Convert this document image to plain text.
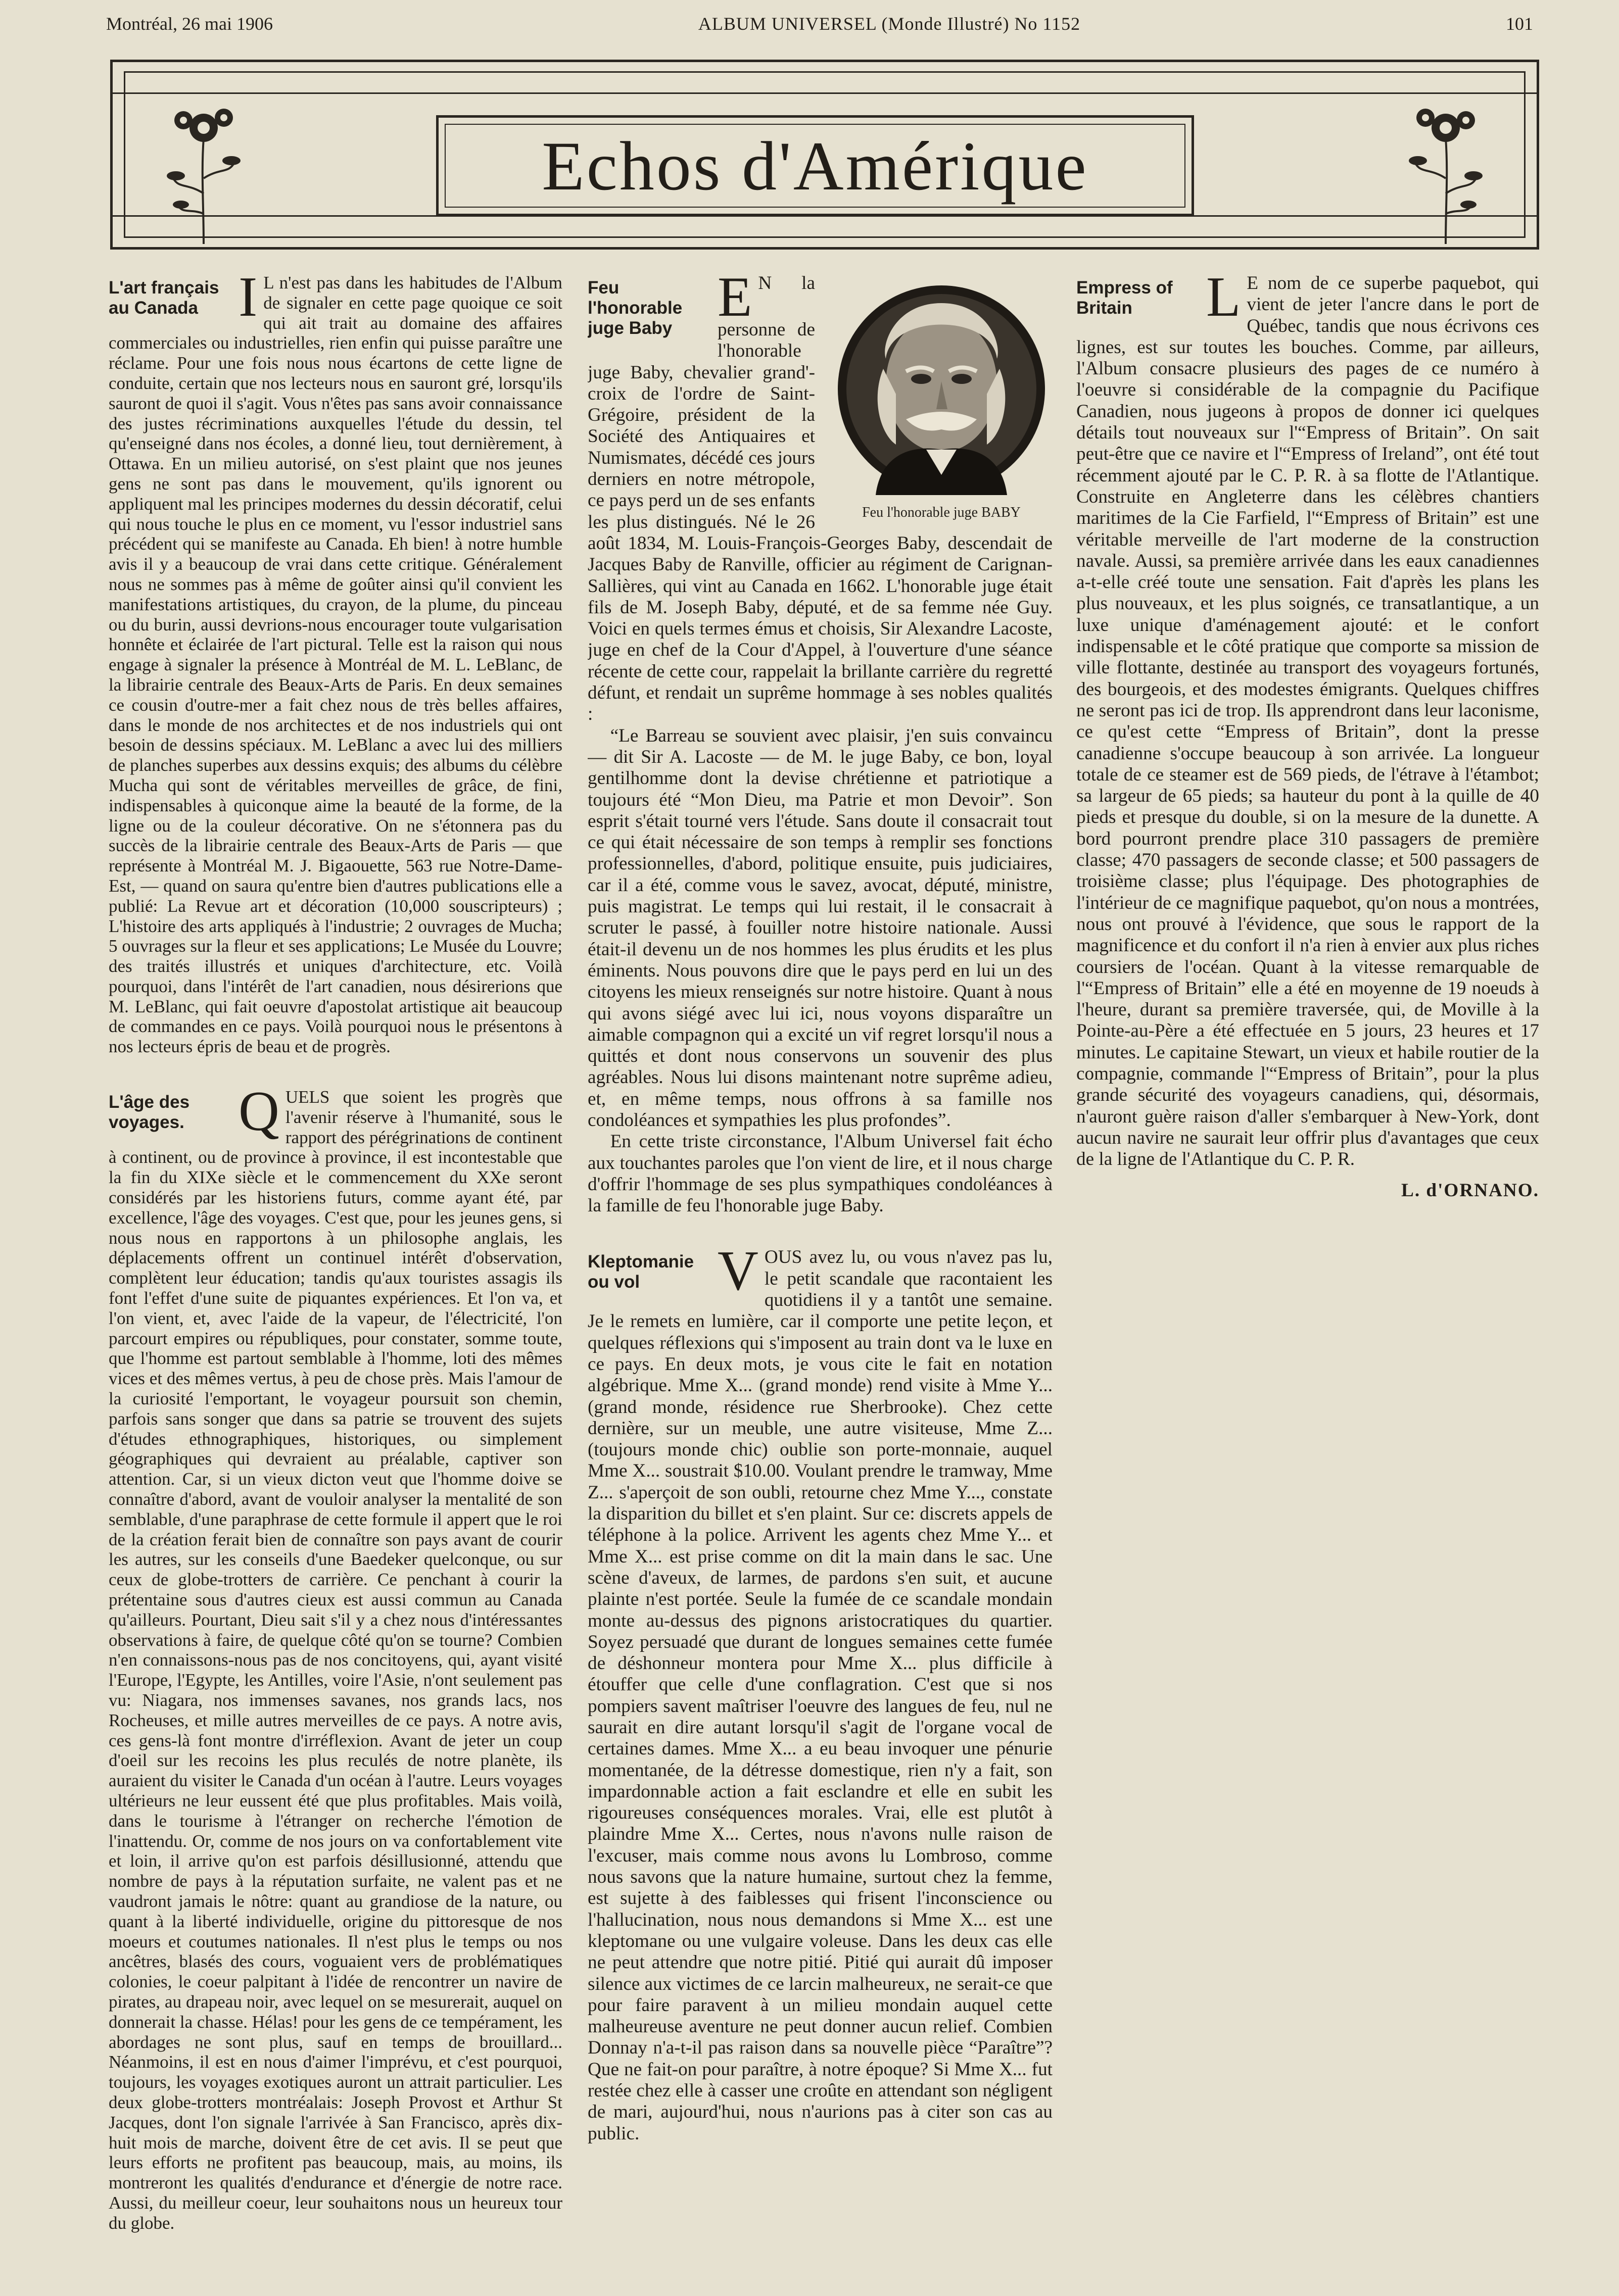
Montréal, 26 mai 1906	ALBUM UNIVERSEL (Monde Illustré) No 1152	101
Echos d'Amérique
L'art français au Canada I L n'est pas dans les habitudes de l'Album de signaler en cette page quoique ce soit qui ait trait au domaine des affaires commerciales ou industrielles, rien enfin qui puisse paraître une réclame. Pour une fois nous nous écartons de cette ligne de conduite, certain que nos lecteurs nous en sauront gré, lorsqu'ils sauront de quoi il s'agit. Vous n'êtes pas sans avoir connaissance des justes récriminations auxquelles l'étude du dessin, tel qu'enseigné dans nos écoles, a donné lieu, tout dernièrement, à Ottawa. En un milieu autorisé, on s'est plaint que nos jeunes gens ne sont pas dans le mouvement, qu'ils ignorent ou appliquent mal les principes modernes du dessin décoratif, celui qui nous touche le plus en ce moment, vu l'essor industriel sans précédent qui se manifeste au Canada. Eh bien! à notre humble avis il y a beaucoup de vrai dans cette critique. Généralement nous ne sommes pas à même de goûter ainsi qu'il convient les manifestations artistiques, du crayon, de la plume, du pinceau ou du burin, aussi devrions-nous encourager toute vulgarisation honnête et éclairée de l'art pictural. Telle est la raison qui nous engage à signaler la présence à Montréal de M. L. LeBlanc, de la librairie centrale des Beaux-Arts de Paris. En deux semaines ce cousin d'outre-mer a fait chez nous de très belles affaires, dans le monde de nos architectes et de nos industriels qui ont besoin de dessins spéciaux. M. LeBlanc a avec lui des milliers de planches superbes aux dessins exquis; des albums du célèbre Mucha qui sont de véritables merveilles de grâce, de fini, indispensables à quiconque aime la beauté de la forme, de la ligne ou de la couleur décorative. On ne s'étonnera pas du succès de la librairie centrale des Beaux-Arts de Paris — que représente à Montréal M. J. Bigaouette, 563 rue Notre-Dame-Est, — quand on saura qu'entre bien d'autres publications elle a publié: La Revue art et décoration (10,000 souscripteurs) ; L'histoire des arts appliqués à l'industrie; 2 ouvrages de Mucha; 5 ouvrages sur la fleur et ses applications; Le Musée du Louvre; des traités illustrés et uniques d'architecture, etc. Voilà pourquoi, dans l'intérêt de l'art canadien, nous désirerions que M. LeBlanc, qui fait oeuvre d'apostolat artistique ait beaucoup de commandes en ce pays. Voilà pourquoi nous le présentons à nos lecteurs épris de beau et de progrès.

L'âge des voyages. Q UELS que soient les progrès que l'avenir réserve à l'humanité, sous le rapport des pérégrinations de continent à continent, ou de province à province, il est incontestable que la fin du XIXe siècle et le commencement du XXe seront considérés par les historiens futurs, comme ayant été, par excellence, l'âge des voyages. C'est que, pour les jeunes gens, si nous nous en rapportons à un philosophe anglais, les déplacements offrent un continuel intérêt d'observation, complètent leur éducation; tandis qu'aux touristes assagis ils font l'effet d'une suite de piquantes expériences. Et l'on va, et l'on vient, et, avec l'aide de la vapeur, de l'électricité, l'on parcourt empires ou républiques, pour constater, somme toute, que l'homme est partout semblable à l'homme, loti des mêmes vices et des mêmes vertus, à peu de chose près. Mais l'amour de la curiosité l'emportant, le voyageur poursuit son chemin, parfois sans songer que dans sa patrie se trouvent des sujets d'études ethnographiques, historiques, ou simplement géographiques qui devraient au préalable, captiver son attention. Car, si un vieux dicton veut que l'homme doive se connaître d'abord, avant de vouloir analyser la mentalité de son semblable, d'une paraphrase de cette formule il appert que le roi de la création ferait bien de connaître son pays avant de courir les autres, sur les conseils d'une Baedeker quelconque, ou sur ceux de globe-trotters de carrière. Ce penchant à courir la prétentaine sous d'autres cieux est aussi commun au Canada qu'ailleurs. Pourtant, Dieu sait s'il y a chez nous d'intéressantes observations à faire, de quelque côté qu'on se tourne? Combien n'en connaissons-nous pas de nos concitoyens, qui, ayant visité l'Europe, l'Egypte, les Antilles, voire l'Asie, n'ont seulement pas vu: Niagara, nos immenses savanes, nos grands lacs, nos Rocheuses, et mille autres merveilles de ce pays. A notre avis, ces gens-là font montre d'irréflexion. Avant de jeter un coup d'oeil sur les recoins les plus reculés de notre planète, ils auraient du visiter le Canada d'un océan à l'autre. Leurs voyages ultérieurs ne leur eussent été que plus profitables. Mais voilà, dans le tourisme à l'étranger on recherche l'émotion de l'inattendu. Or, comme de nos jours on va confortablement vite et loin, il arrive qu'on est parfois désillusionné, attendu que nombre de pays à la réputation surfaite, ne valent pas et ne vaudront jamais le nôtre: quant au grandiose de la nature, ou quant à la liberté individuelle, origine du pittoresque de nos moeurs et coutumes nationales. Il n'est plus le temps ou nos ancêtres, blasés des cours, voguaient vers de problématiques colonies, le coeur palpitant à l'idée de rencontrer un navire de pirates, au drapeau noir, avec lequel on se mesurerait, auquel on donnerait la chasse. Hélas! pour les gens de ce tempérament, les abordages ne sont plus, sauf en temps de brouillard... Néanmoins, il est en nous d'aimer l'imprévu, et c'est pourquoi, toujours, les voyages exotiques auront un attrait particulier. Les deux globe-trotters montréalais: Joseph Provost et Arthur St Jacques, dont l'on signale l'arrivée à San Francisco, après dix-huit mois de marche, doivent être de cet avis. Il se peut que leurs efforts ne profitent pas beaucoup, mais, au moins, ils montreront les qualités d'endurance et d'énergie de notre race. Aussi, du meilleur coeur, leur souhaitons nous un heureux tour du globe.

Feu l'honorable juge Baby E
Feu l'honorable juge BABY

N la personne de l'honorable juge Baby, chevalier grand'-croix de l'ordre de Saint-Grégoire, président de la Société des Antiquaires et Numismates, décédé ces jours derniers en notre métropole, ce pays perd un de ses enfants les plus distingués. Né le 26 août 1834, M. Louis-François-Georges Baby, descendait de Jacques Baby de Ranville, officier au régiment de Carignan-Sallières, qui vint au Canada en 1662. L'honorable juge était fils de M. Joseph Baby, député, et de sa femme née Guy. Voici en quels termes émus et choisis, Sir Alexandre Lacoste, juge en chef de la Cour d'Appel, à l'ouverture d'une séance récente de cette cour, rappelait la brillante carrière du regretté défunt, et rendait un suprême hommage à ses nobles qualités :

“Le Barreau se souvient avec plaisir, j'en suis convaincu — dit Sir A. Lacoste — de M. le juge Baby, ce bon, loyal gentilhomme dont la devise chrétienne et patriotique a toujours été “Mon Dieu, ma Patrie et mon Devoir”. Son esprit s'était tourné vers l'étude. Sans doute il consacrait tout ce qui était nécessaire de son temps à remplir ses fonctions professionnelles, d'abord, politique ensuite, puis judiciaires, car il a été, comme vous le savez, avocat, député, ministre, puis magistrat. Le temps qui lui restait, il le consacrait à scruter le passé, à fouiller notre histoire nationale. Aussi était-il devenu un de nos hommes les plus érudits et les plus éminents. Nous pouvons dire que le pays perd en lui un des citoyens les mieux renseignés sur notre histoire. Quant à nous qui avons siégé avec lui ici, nous voyons disparaître un aimable compagnon qui a excité un vif regret lorsqu'il nous a quittés et dont nous conservons un souvenir des plus agréables. Nous lui disons maintenant notre suprême adieu, et, en même temps, nous offrons à sa famille nos condoléances et sympathies les plus profondes”.

En cette triste circonstance, l'Album Universel fait écho aux touchantes paroles que l'on vient de lire, et il nous charge d'offrir l'hommage de ses plus sympathiques condoléances à la famille de feu l'honorable juge Baby.

Kleptomanie ou vol	V OUS avez lu, ou vous n'avez pas lu, le petit scandale que racontaient les quotidiens il y a tantôt une semaine. Je le remets en lumière, car il comporte une petite leçon, et quelques réflexions qui s'imposent au train dont va le luxe en ce pays. En deux mots, je vous cite le fait en notation algébrique. Mme X... (grand monde) rend visite à Mme Y... (grand monde, résidence rue Sherbrooke). Chez cette dernière, sur un meuble, une autre visiteuse, Mme Z... (toujours monde chic) oublie son porte-monnaie, auquel Mme X... soustrait $10.00. Voulant prendre le tramway, Mme Z... s'aperçoit de son oubli, retourne chez Mme Y..., constate la disparition du billet et s'en plaint. Sur ce: discrets appels de téléphone à la police. Arrivent les agents chez Mme Y... et Mme X... est prise comme on dit la main dans le sac. Une scène d'aveux, de larmes, de pardons s'en suit, et aucune plainte n'est portée. Seule la fumée de ce scandale mondain monte au-dessus des pignons aristocratiques du quartier. Soyez persuadé que durant de longues semaines cette fumée de déshonneur montera pour Mme X... plus difficile à étouffer que celle d'une conflagration. C'est que si nos pompiers savent maîtriser l'oeuvre des langues de feu, nul ne saurait en dire autant lorsqu'il s'agit de l'organe vocal de certaines dames. Mme X... a eu beau invoquer une pénurie momentanée, de la détresse domestique, rien n'y a fait, son impardonnable action a fait esclandre et elle en subit les rigoureuses conséquences morales. Vrai, elle est plutôt à plaindre Mme X... Certes, nous n'avons nulle raison de l'excuser, mais comme nous avons lu Lombroso, comme nous savons que la nature humaine, surtout chez la femme, est sujette à des faiblesses qui frisent l'inconscience ou l'hallucination, nous nous demandons si Mme X... est une kleptomane ou une vulgaire voleuse. Dans les deux cas elle ne peut attendre que notre pitié. Pitié qui aurait dû imposer silence aux victimes de ce larcin malheureux, ne serait-ce que pour faire paravent à un milieu mondain auquel cette malheureuse aventure ne peut donner aucun relief. Combien Donnay n'a-t-il pas raison dans sa nouvelle pièce “Paraître”? Que ne fait-on pour paraître, à notre époque? Si Mme X... fut restée chez elle à casser une croûte en attendant son négligent de mari, aujourd'hui, nous n'aurions pas à citer son cas au public.

Empress of Britain	L E nom de ce superbe paquebot, qui vient de jeter l'ancre dans le port de Québec, tandis que nous écrivons ces lignes, est sur toutes les bouches. Comme, par ailleurs, l'Album consacre plusieurs des pages de ce numéro à l'oeuvre si considérable de la compagnie du Pacifique Canadien, nous jugeons à propos de donner ici quelques détails tout nouveaux sur l'“Empress of Britain”. On sait peut-être que ce navire et l'“Empress of Ireland”, ont été tout récemment ajouté par le C. P. R. à sa flotte de l'Atlantique. Construite en Angleterre dans les célèbres chantiers maritimes de la Cie Farfield, l'“Empress of Britain” est une véritable merveille de l'art moderne de la construction navale. Aussi, sa première arrivée dans les eaux canadiennes a-t-elle créé toute une sensation. Fait d'après les plans les plus nouveaux, et les plus soignés, ce transatlantique, a un luxe unique d'aménagement ajouté: et le confort indispensable et le côté pratique que comporte sa mission de ville flottante, destinée au transport des voyageurs fortunés, des bourgeois, et des modestes émigrants. Quelques chiffres ne seront pas ici de trop. Ils apprendront dans leur laconisme, ce qu'est cette “Empress of Britain”, dont la presse canadienne s'occupe beaucoup à son arrivée. La longueur totale de ce steamer est de 569 pieds, de l'étrave à l'étambot; sa largeur de 65 pieds; sa hauteur du pont à la quille de 40 pieds et presque du double, si on la mesure de la dunette. A bord pourront prendre place 310 passagers de première classe; 470 passagers de seconde classe; et 500 passagers de troisième classe; plus l'équipage. Des photographies de l'intérieur de ce magnifique paquebot, qu'on nous a montrées, nous ont prouvé à l'évidence, que sous le rapport de la magnificence et du confort il n'a rien à envier aux plus riches coursiers de l'océan. Quant à la vitesse remarquable de l'“Empress of Britain” elle a été en moyenne de 19 noeuds à l'heure, durant sa première traversée, qui, de Moville à la Pointe-au-Père a été effectuée en 5 jours, 23 heures et 17 minutes. Le capitaine Stewart, un vieux et habile routier de la compagnie, commande l'“Empress of Britain”, pour la plus grande sécurité des voyageurs canadiens, qui, désormais, n'auront guère raison d'aller s'embarquer à New-York, dont aucun navire ne saurait leur offrir plus d'avantages que ceux de la ligne de l'Atlantique du C. P. R.

L. d'ORNANO.
